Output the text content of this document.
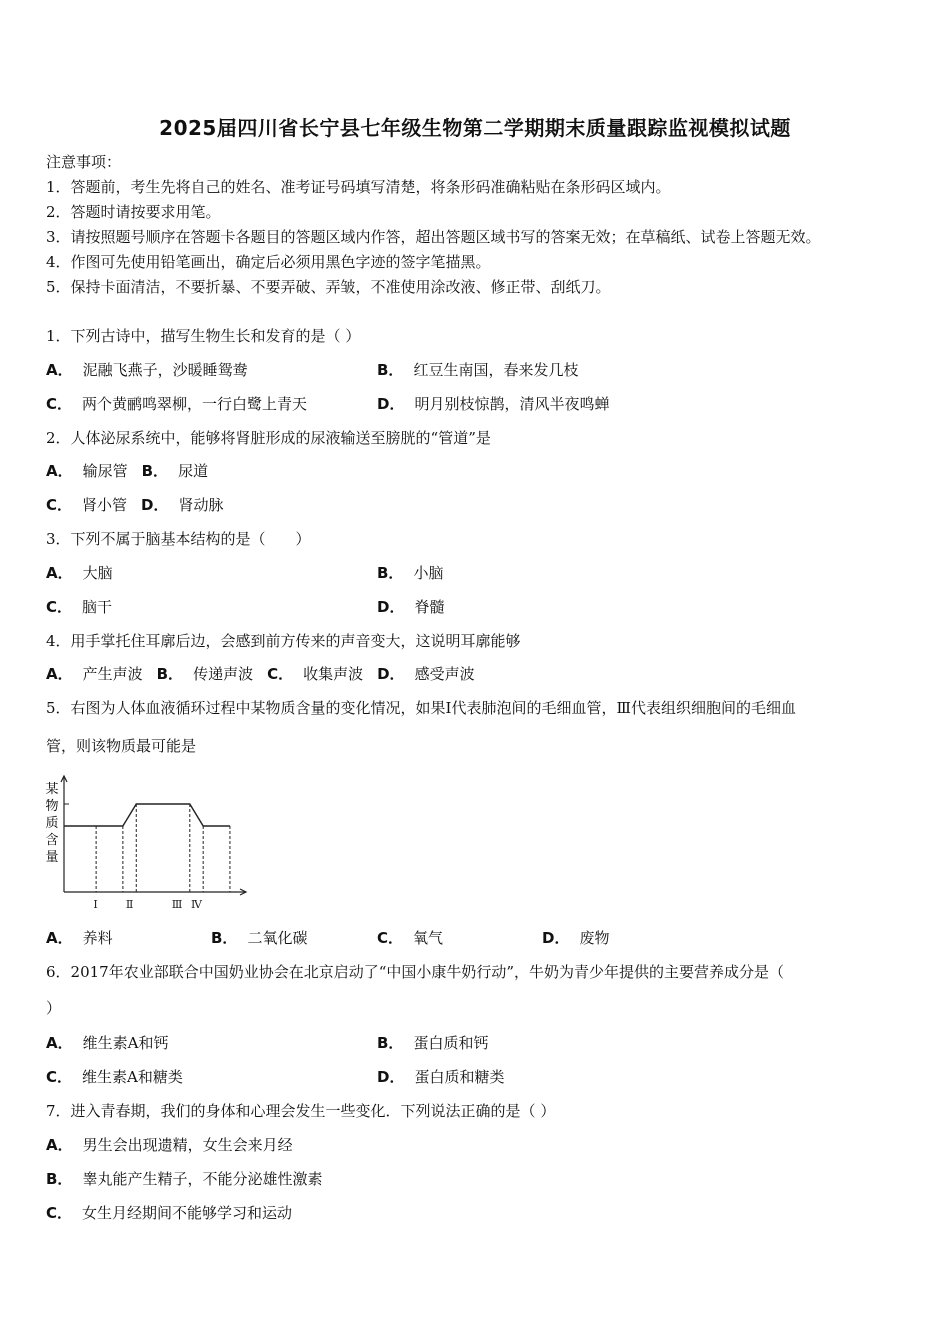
2025届四川省长宁县七年级生物第二学期期末质量跟踪监视模拟试题
注意事项：
1．答题前，考生先将自己的姓名、准考证号码填写清楚，将条形码准确粘贴在条形码区域内。
2．答题时请按要求用笔。
3．请按照题号顺序在答题卡各题目的答题区域内作答，超出答题区域书写的答案无效；在草稿纸、试卷上答题无效。
4．作图可先使用铅笔画出，确定后必须用黑色字迹的签字笔描黑。
5．保持卡面清洁，不要折暴、不要弄破、弄皱，不准使用涂改液、修正带、刮纸刀。
1．下列古诗中，描写生物生长和发育的是（ ）
A． 泥融飞燕子，沙暖睡鸳鸯	B． 红豆生南国，春来发几枝
C． 两个黄鹂鸣翠柳，一行白鹭上青天	D． 明月别枝惊鹊，清风半夜鸣蝉
2．人体泌尿系统中，能够将肾脏形成的尿液输送至膀胱的“管道”是
A． 输尿管 B． 尿道
C． 肾小管 D． 肾动脉
3．下列不属于脑基本结构的是（　　）
A． 大脑	B． 小脑
C． 脑干	D． 脊髓
4．用手掌托住耳廓后边，会感到前方传来的声音变大，这说明耳廓能够
A． 产生声波 B． 传递声波 C． 收集声波 D． 感受声波
5．右图为人体血液循环过程中某物质含量的变化情况，如果Ⅰ代表肺泡间的毛细血管，Ⅲ代表组织细胞间的毛细血
管，则该物质最可能是
某
物
质
含
量
Ⅰ	Ⅱ	Ⅲ Ⅳ
A． 养料	B． 二氧化碳	C． 氧气	D． 废物
6．2017年农业部联合中国奶业协会在北京启动了“中国小康牛奶行动”，牛奶为青少年提供的主要营养成分是（
）
A． 维生素A和钙	B． 蛋白质和钙
C． 维生素A和糖类	D． 蛋白质和糖类
7．进入青春期，我们的身体和心理会发生一些变化．下列说法正确的是（ ）
A． 男生会出现遗精，女生会来月经
B． 睾丸能产生精子，不能分泌雄性激素
C． 女生月经期间不能够学习和运动
